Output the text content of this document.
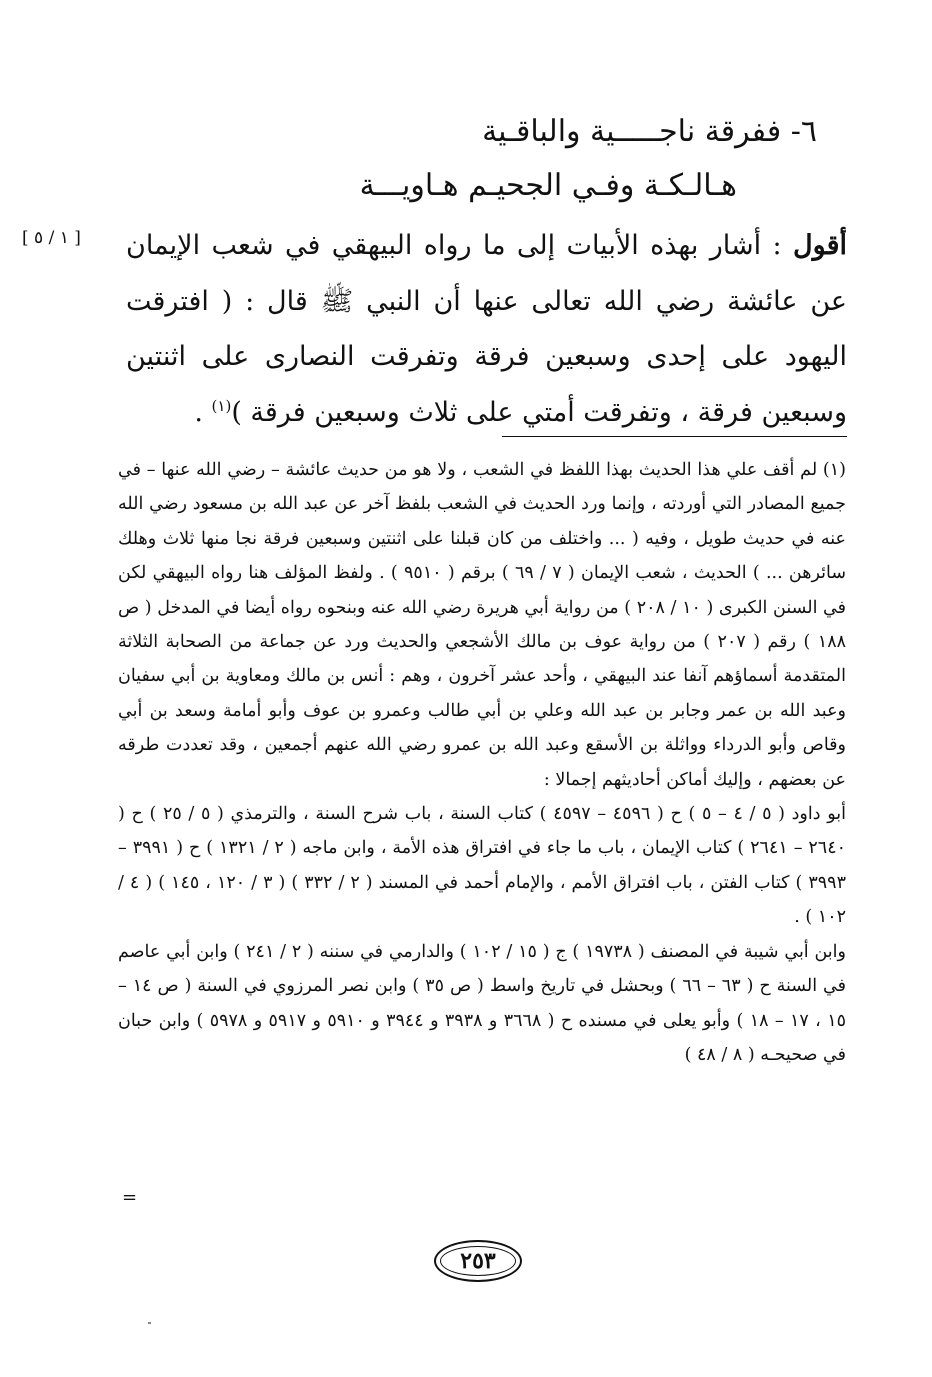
٦- ففرقة ناجـــــية والباقـية
هـالـكـة وفـي الجحيـم هـاويـــة
[ ١ / ٥ ]	أقول : أشار بهذه الأبيات إلى ما رواه البيهقي في شعب الإيمان عن عائشة رضي الله تعالى عنها أن النبي ﷺ قال : ( افترقت اليهود على إحدى وسبعين فرقة وتفرقت النصارى على اثنتين وسبعين فرقة ، وتفرقت أمتي على ثلاث وسبعين فرقة )$^{(١)}$ .

(١) لم أقف علي هذا الحديث بهذا اللفظ في الشعب ، ولا هو من حديث عائشة – رضي الله عنها – في جميع المصادر التي أوردته ، وإنما ورد الحديث في الشعب بلفظ آخر عن عبد الله بن مسعود رضي الله عنه في حديث طويل ، وفيه ( ... واختلف من كان قبلنا على اثنتين وسبعين فرقة نجا منها ثلاث وهلك سائرهن ... ) الحديث ، شعب الإيمان ( ٧ / ٦٩ ) برقم ( ٩٥١٠ ) . ولفظ المؤلف هنا رواه البيهقي لكن في السنن الكبرى ( ١٠ / ٢٠٨ ) من رواية أبي هريرة رضي الله عنه وبنحوه رواه أيضا في المدخل ( ص ١٨٨ ) رقم ( ٢٠٧ ) من رواية عوف بن مالك الأشجعي والحديث ورد عن جماعة من الصحابة الثلاثة المتقدمة أسماؤهم آنفا عند البيهقي ، وأحد عشر آخرون ، وهم : أنس بن مالك ومعاوية بن أبي سفيان وعبد الله بن عمر وجابر بن عبد الله وعلي بن أبي طالب وعمرو بن عوف وأبو أمامة وسعد بن أبي وقاص وأبو الدرداء وواثلة بن الأسقع وعبد الله بن عمرو رضي الله عنهم أجمعين ، وقد تعددت طرقه عن بعضهم ، وإليك أماكن أحاديثهم إجمالا :

أبو داود ( ٥ / ٤ – ٥ ) ح ( ٤٥٩٦ – ٤٥٩٧ ) كتاب السنة ، باب شرح السنة ، والترمذي ( ٥ / ٢٥ ) ح ( ٢٦٤٠ – ٢٦٤١ ) كتاب الإيمان ، باب ما جاء في افتراق هذه الأمة ، وابن ماجه ( ٢ / ١٣٢١ ) ح ( ٣٩٩١ – ٣٩٩٣ ) كتاب الفتن ، باب افتراق الأمم ، والإمام أحمد في المسند ( ٢ / ٣٣٢ ) ( ٣ / ١٢٠ ، ١٤٥ ) ( ٤ / ١٠٢ ) .

وابن أبي شيبة في المصنف ( ١٩٧٣٨ ) ج ( ١٥ / ١٠٢ ) والدارمي في سننه ( ٢ / ٢٤١ ) وابن أبي عاصم في السنة ح ( ٦٣ – ٦٦ ) وبحشل في تاريخ واسط ( ص ٣٥ ) وابن نصر المرزوي في السنة ( ص ١٤ – ١٥ ، ١٧ – ١٨ ) وأبو يعلى في مسنده ح ( ٣٦٦٨ و ٣٩٣٨ و ٣٩٤٤ و ٥٩١٠ و ٥٩١٧ و ٥٩٧٨ ) وابن حبان في صحيحـه ( ٨ / ٤٨ )

=
٢٥٣
